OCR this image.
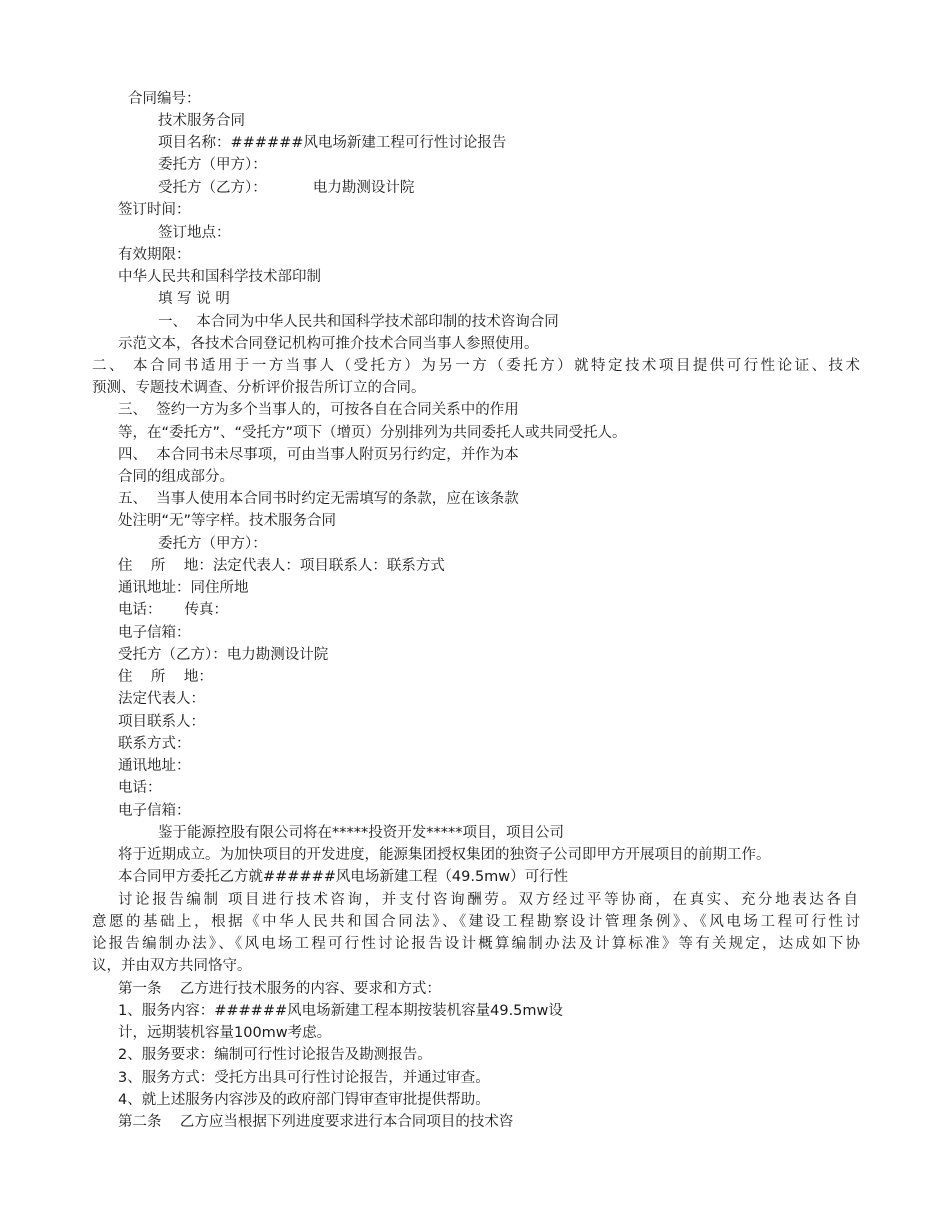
合同编号：
技术服务合同
项目名称：######风电场新建工程可行性讨论报告
委托方（甲方）：
受托方（乙方）：          电力勘测设计院
签订时间：
签订地点：
有效期限：
中华人民共和国科学技术部印制
填 写 说 明
一、  本合同为中华人民共和国科学技术部印制的技术咨询合同
示范文本，各技术合同登记机构可推介技术合同当事人参照使用。
二、 本合同书适用于一方当事人（受托方）为另一方（委托方）就特定技术项目提供可行性论证、技术
预测、专题技术调查、分析评价报告所订立的合同。
三、  签约一方为多个当事人的，可按各自在合同关系中的作用
等，在“委托方”、“受托方”项下（增页）分别排列为共同委托人或共同受托人。
四、  本合同书未尽事项，可由当事人附页另行约定，并作为本
合同的组成部分。
五、  当事人使用本合同书时约定无需填写的条款，应在该条款
处注明“无”等字样。技术服务合同
委托方（甲方）：
住    所    地：法定代表人：项目联系人：联系方式
通讯地址：同住所地
电话：     传真：
电子信箱：
受托方（乙方）：电力勘测设计院
住    所    地：
法定代表人：
项目联系人：
联系方式：
通讯地址：
电话：
电子信箱：
鉴于能源控股有限公司将在*****投资开发*****项目，项目公司
将于近期成立。为加快项目的开发进度，能源集团授权集团的独资子公司即甲方开展项目的前期工作。
本合同甲方委托乙方就######风电场新建工程（49.5mw）可行性
讨论报告编制 项目进行技术咨询，并支付咨询酬劳。双方经过平等协商，在真实、充分地表达各自
意愿的基础上，根据《中华人民共和国合同法》、《建设工程勘察设计管理条例》、《风电场工程可行性讨
论报告编制办法》、《风电场工程可行性讨论报告设计概算编制办法及计算标准》等有关规定，达成如下协
议，并由双方共同恪守。
第一条    乙方进行技术服务的内容、要求和方式：
1、服务内容：######风电场新建工程本期按装机容量49.5mw设
计，远期装机容量100mw考虑。
2、服务要求：编制可行性讨论报告及勘测报告。
3、服务方式：受托方出具可行性讨论报告，并通过审查。
4、就上述服务内容涉及的政府部门锝审查审批提供帮助。
第二条    乙方应当根据下列进度要求进行本合同项目的技术咨
